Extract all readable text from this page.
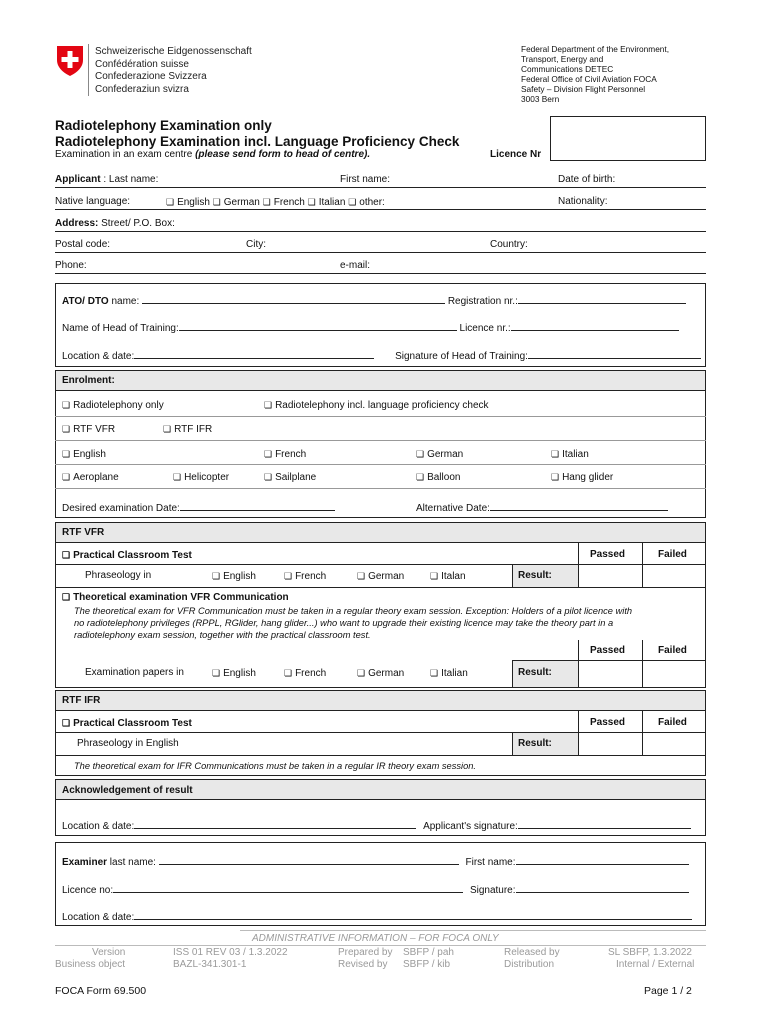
Schweizerische Eidgenossenschaft
Confédération suisse
Confederazione Svizzera
Confederaziun svizra
Federal Department of the Environment,
Transport, Energy and
Communications DETEC
Federal Office of Civil Aviation FOCA
Safety – Division Flight Personnel
3003 Bern
Radiotelephony Examination only
Radiotelephony Examination incl. Language Proficiency Check
Examination in an exam centre (please send form to head of centre).	Licence Nr
Applicant : Last name:	First name:	Date of birth:
Native language:	❏ English ❏ German ❏ French ❏ Italian ❏ other:	Nationality:
Address: Street/ P.O. Box:
Postal code:	City:	Country:
Phone:	e-mail:
ATO/ DTO name:	Registration nr.:
Name of Head of Training:	Licence nr.:
Location & date:	Signature of Head of Training:
Enrolment:
❏ Radiotelephony only	❏ Radiotelephony incl. language proficiency check
❏ RTF VFR	❏ RTF IFR
❏ English	❏ French	❏ German	❏ Italian
❏ Aeroplane	❏ Helicopter	❏ Sailplane	❏ Balloon	❏ Hang glider
Desired examination Date:	Alternative Date:
RTF VFR
❏ Practical Classroom Test	Passed	Failed
Phraseology in	❏ English	❏ French	❏ German	❏ Italan	Result:
❏ Theoretical examination VFR Communication
The theoretical exam for VFR Communication must be taken in a regular theory exam session. Exception: Holders of a pilot licence with
no radiotelephony privileges (RPPL, RGlider, hang glider...) who want to upgrade their existing licence may take the theory part in a
radiotelephony exam session, together with the practical classroom test.
Passed	Failed
Examination papers in	❏ English	❏ French	❏ German	❏ Italian	Result:
RTF IFR
❏ Practical Classroom Test	Passed	Failed
Phraseology in English	Result:
The theoretical exam for IFR Communications must be taken in a regular IR theory exam session.
Acknowledgement of result
Location & date:	Applicant's signature:
Examiner last name:	First name:
Licence no:	Signature:
Location & date:
ADMINISTRATIVE INFORMATION – FOR FOCA ONLY
Version	ISS 01 REV 03 / 1.3.2022	Prepared by SBFP / pah	Released by	SL SBFP, 1.3.2022
Business object	BAZL-341.301-1	Revised by SBFP / kib	Distribution	Internal / External
FOCA Form 69.500	Page 1 / 2
